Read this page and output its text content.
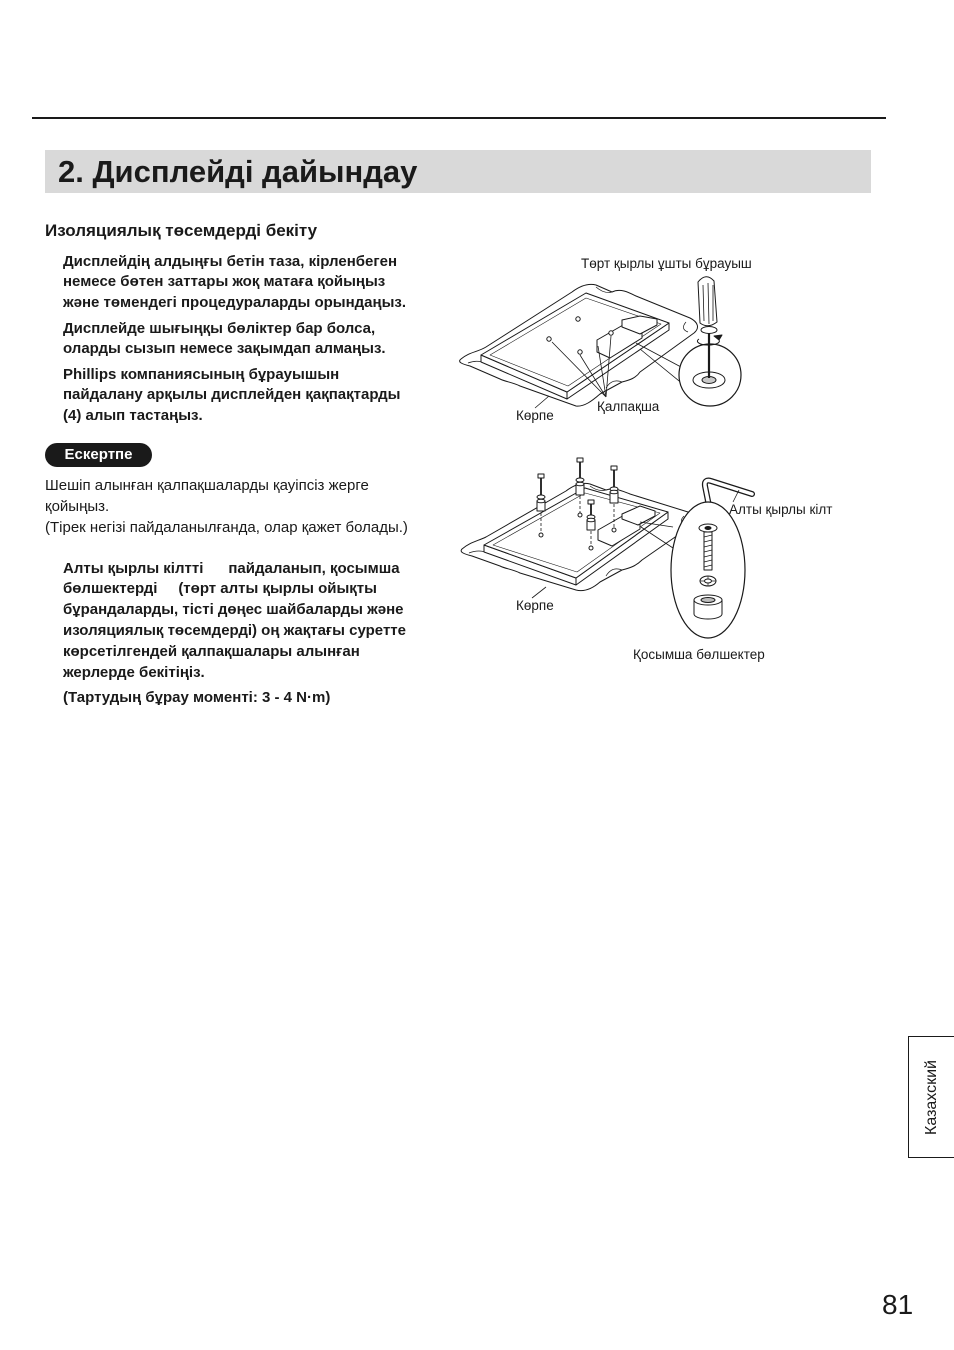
2. Дисплейді дайындау
Изоляциялық төсемдерді бекіту
Дисплейдің алдыңғы бетін таза, кірленбеген
немесе бөтен заттары жоқ матаға қойыңыз
және төмендегі процедураларды орындаңыз.
Дисплейде шығыңқы бөліктер бар болса,
оларды сызып немесе зақымдап алмаңыз.
Phillips компаниясының бұрауышын
пайдалану арқылы дисплейден қақпақтарды
(4) алып тастаңыз.
Ескертпе
Шешіп алынған қалпақшаларды қауіпсіз жерге
қойыңыз.
(Тірек негізі пайдаланылғанда, олар қажет болады.)
Алты қырлы кілтті      пайдаланып, қосымша
бөлшектерді     (төрт алты қырлы ойықты
бұрандаларды, тісті дөңес шайбаларды және
изоляциялық төсемдерді) оң жақтағы суретте
көрсетілгендей қалпақшалары алынған
жерлерде бекітіңіз.
(Тартудың бұрау моменті: 3 - 4 N·m)
Төрт қырлы ұшты бұрауыш
Көрпе
Қалпақша
Алты қырлы кілт
Көрпе
Қосымша бөлшектер
Казахский
81
